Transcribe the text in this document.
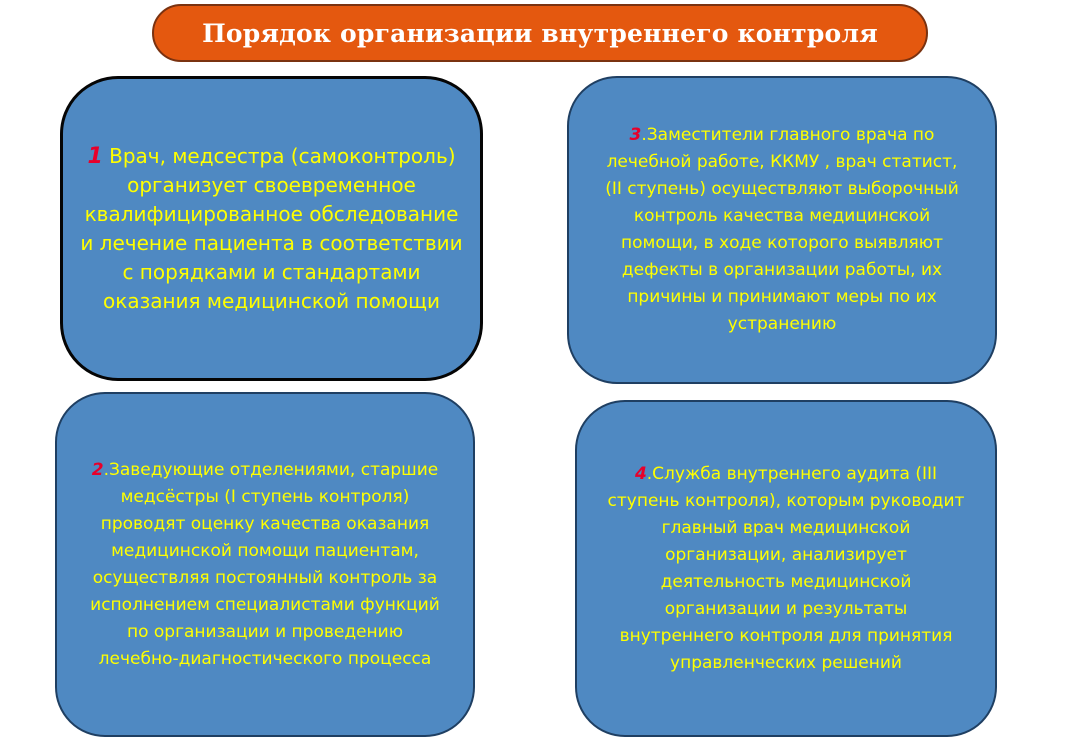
Порядок организации внутреннего контроля
1 Врач, медсестра (самоконтроль)
организует своевременное
квалифицированное обследование
и лечение пациента в соответствии
с порядками и стандартами
оказания медицинской помощи
3.Заместители главного врача по
лечебной работе, ККМУ , врач статист,
(II ступень) осуществляют выборочный
контроль качества медицинской
помощи, в ходе которого выявляют
дефекты в организации работы, их
причины и принимают меры по их
устранению
2.Заведующие отделениями, старшие
медсёстры (I ступень контроля)
проводят оценку качества оказания
медицинской помощи пациентам,
осуществляя постоянный контроль за
исполнением специалистами функций
по организации и проведению
лечебно-диагностического процесса
4.Служба внутреннего аудита (III
ступень контроля), которым руководит
главный врач медицинской
организации, анализирует
деятельность медицинской
организации и результаты
внутреннего контроля для принятия
управленческих решений
